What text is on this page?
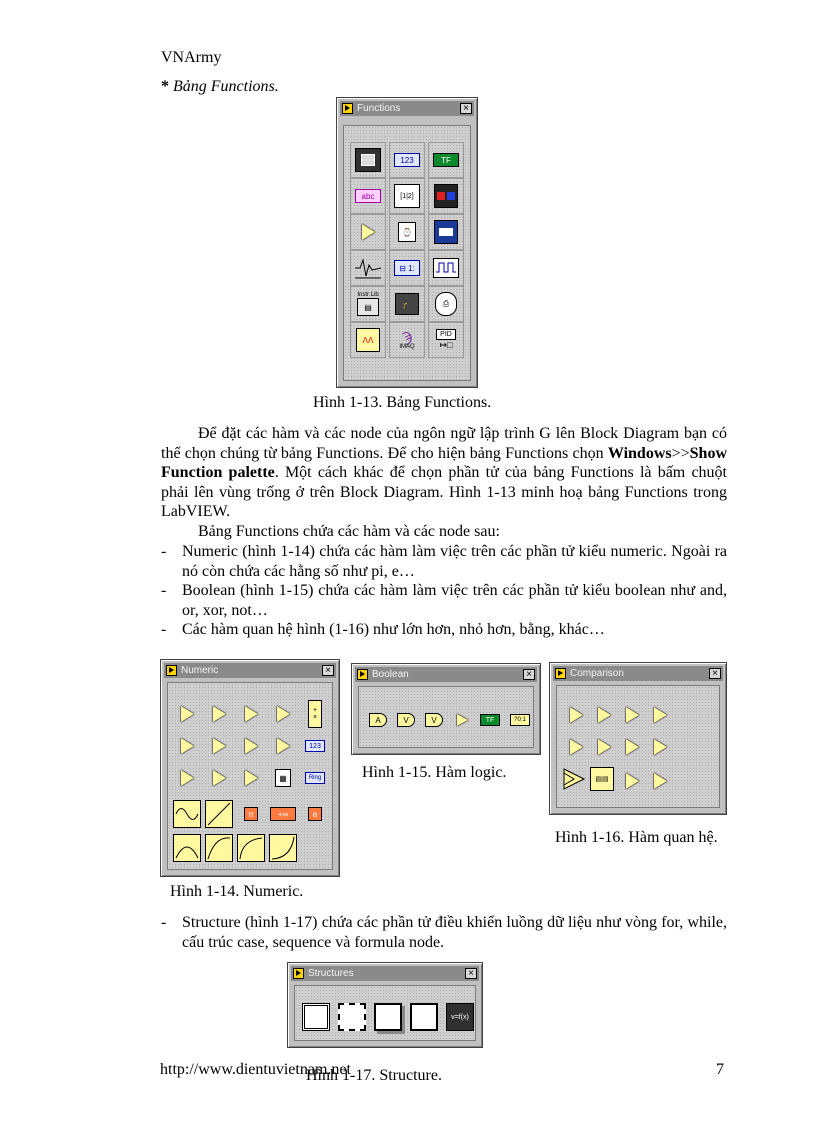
VNArmy
* Bảng Functions.
Functions	×
123	TF
abc	[1|2]
⌚
⊟ 1:
Instr Lib
▤	🎓	⎙
ΛΛ	Ϡ
IMAQ
PID
↦□
Hình 1-13. Bảng Functions.
Để đặt các hàm và các node của ngôn ngữ lập trình G lên Block Diagram bạn có thể chọn chúng từ bảng Functions. Để cho hiện bảng Functions chọn Windows>>Show Function palette. Một cách khác để chọn phần tử của bảng Functions là bấm chuột phải lên vùng trống ở trên Block Diagram. Hình 1-13 minh hoạ bảng Functions trong LabVIEW.
Bảng Functions chứa các hàm và các node sau:
- Numeric (hình 1-14) chứa các hàm làm việc trên các phần tử kiểu numeric. Ngoài ra nó còn chứa các hằng số như pi, e…
- Boolean (hình 1-15) chứa các hàm làm việc trên các phần tử kiểu boolean như and, or, xor, not…
- Các hàm quan hệ hình (1-16) như lớn hơn, nhỏ hơn, bằng, khác…
Numeric	×
+
×
123
▦	Ring
π	+∞	e
Hình 1-14. Numeric.
Boolean	×
A	V	V	TF	?0:1
Hình 1-15. Hàm logic.
Comparison	×
▤▤
Hình 1-16. Hàm quan hệ.
- Structure (hình 1-17) chứa các phần tử điều khiển luồng dữ liệu như vòng for, while, cấu trúc case, sequence và formula node.
Structures	×
v=f(x)
http://www.dientuvietnam.net
Hình 1-17. Structure.	7
